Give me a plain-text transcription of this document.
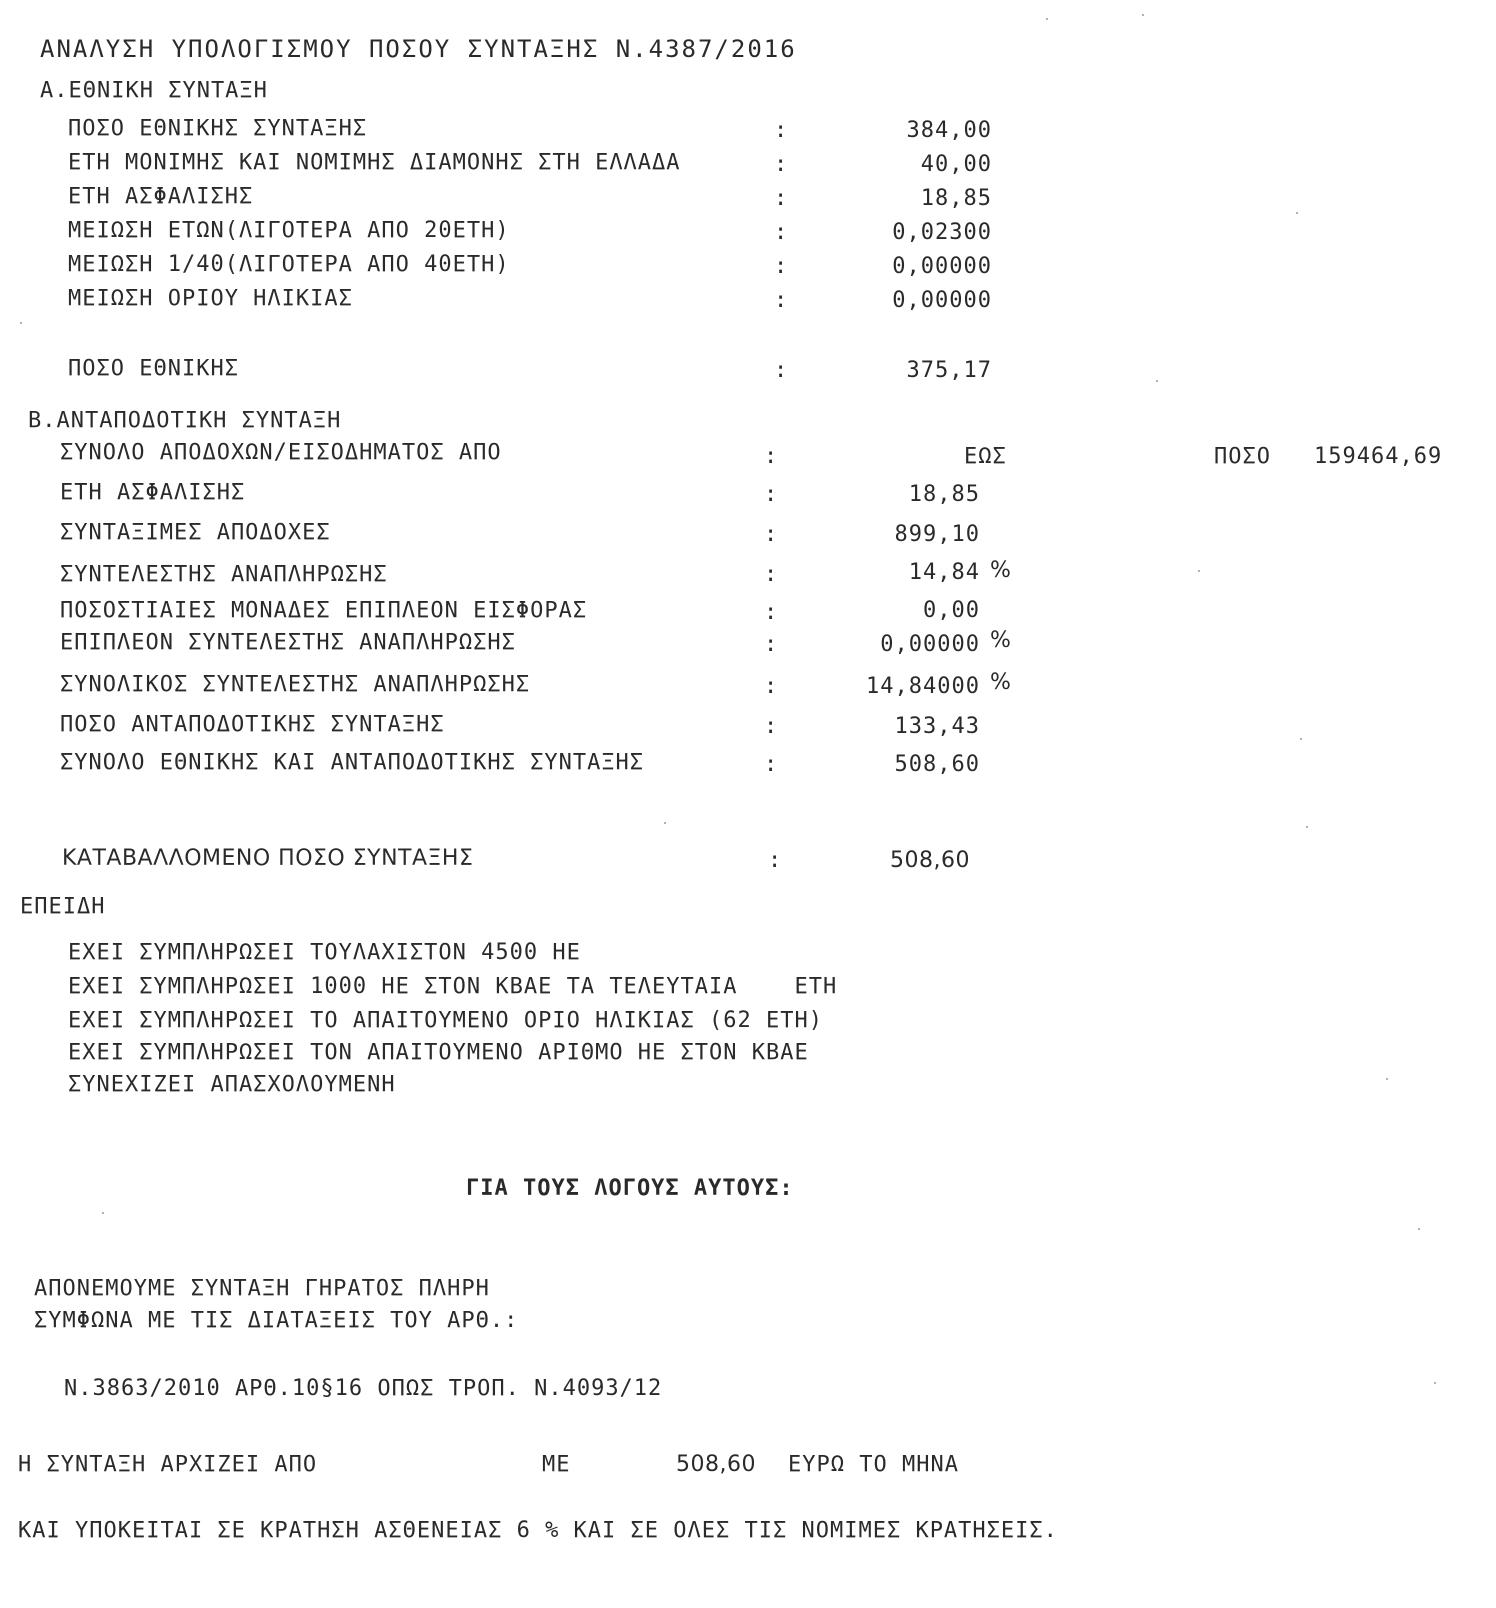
ΑΝΑΛΥΣΗ ΥΠΟΛΟΓΙΣΜΟΥ ΠΟΣΟΥ ΣΥΝΤΑΞΗΣ Ν.4387/2016
Α.ΕΘΝΙΚΗ ΣΥΝΤΑΞΗ
ΠΟΣΟ ΕΘΝΙΚΗΣ ΣΥΝΤΑΞΗΣ	:	384,00
ΕΤΗ ΜΟΝΙΜΗΣ ΚΑΙ ΝΟΜΙΜΗΣ ΔΙΑΜΟΝΗΣ ΣΤΗ ΕΛΛΑΔΑ	:	40,00
ΕΤΗ ΑΣΦΑΛΙΣΗΣ	:	18,85
ΜΕΙΩΣΗ ΕΤΩΝ(ΛΙΓΟΤΕΡΑ ΑΠΟ 20ΕΤΗ)	:	0,02300
ΜΕΙΩΣΗ 1/40(ΛΙΓΟΤΕΡΑ ΑΠΟ 40ΕΤΗ)	:	0,00000
ΜΕΙΩΣΗ ΟΡΙΟΥ ΗΛΙΚΙΑΣ	:	0,00000
ΠΟΣΟ ΕΘΝΙΚΗΣ	:	375,17
Β.ΑΝΤΑΠΟΔΟΤΙΚΗ ΣΥΝΤΑΞΗ
ΣΥΝΟΛΟ ΑΠΟΔΟΧΩΝ/ΕΙΣΟΔΗΜΑΤΟΣ ΑΠΟ	:	ΕΩΣ	ΠΟΣΟ 159464,69
ΕΤΗ ΑΣΦΑΛΙΣΗΣ	:	18,85
ΣΥΝΤΑΞΙΜΕΣ ΑΠΟΔΟΧΕΣ	:	899,10
ΣΥΝΤΕΛΕΣΤΗΣ ΑΝΑΠΛΗΡΩΣΗΣ	:	14,84 %
ΠΟΣΟΣΤΙΑΙΕΣ ΜΟΝΑΔΕΣ ΕΠΙΠΛΕΟΝ ΕΙΣΦΟΡΑΣ	:	0,00
ΕΠΙΠΛΕΟΝ ΣΥΝΤΕΛΕΣΤΗΣ ΑΝΑΠΛΗΡΩΣΗΣ	:	0,00000 %
ΣΥΝΟΛΙΚΟΣ ΣΥΝΤΕΛΕΣΤΗΣ ΑΝΑΠΛΗΡΩΣΗΣ	:	14,84000 %
ΠΟΣΟ ΑΝΤΑΠΟΔΟΤΙΚΗΣ ΣΥΝΤΑΞΗΣ	:	133,43
ΣΥΝΟΛΟ ΕΘΝΙΚΗΣ ΚΑΙ ΑΝΤΑΠΟΔΟΤΙΚΗΣ ΣΥΝΤΑΞΗΣ	:	508,60
ΚΑΤΑΒΑΛΛΟΜΕΝΟ ΠΟΣΟ ΣΥΝΤΑΞΗΣ	:	508,60
ΕΠΕΙΔΗ
ΕΧΕΙ ΣΥΜΠΛΗΡΩΣΕΙ ΤΟΥΛΑΧΙΣΤΟΝ 4500 ΗΕ
ΕΧΕΙ ΣΥΜΠΛΗΡΩΣΕΙ 1000 ΗΕ ΣΤΟΝ ΚΒΑΕ ΤΑ ΤΕΛΕΥΤΑΙΑ    ΕΤΗ
ΕΧΕΙ ΣΥΜΠΛΗΡΩΣΕΙ ΤΟ ΑΠΑΙΤΟΥΜΕΝΟ ΟΡΙΟ ΗΛΙΚΙΑΣ (62 ΕΤΗ)
ΕΧΕΙ ΣΥΜΠΛΗΡΩΣΕΙ ΤΟΝ ΑΠΑΙΤΟΥΜΕΝΟ ΑΡΙΘΜΟ ΗΕ ΣΤΟΝ ΚΒΑΕ
ΣΥΝΕΧΙΖΕΙ ΑΠΑΣΧΟΛΟΥΜΕΝΗ
ΓΙΑ ΤΟΥΣ ΛΟΓΟΥΣ ΑΥΤΟΥΣ:
ΑΠΟΝΕΜΟΥΜΕ ΣΥΝΤΑΞΗ ΓΗΡΑΤΟΣ ΠΛΗΡΗ
ΣΥΜΦΩΝΑ ΜΕ ΤΙΣ ΔΙΑΤΑΞΕΙΣ ΤΟΥ ΑΡΘ.:
Ν.3863/2010 ΑΡΘ.10§16 ΟΠΩΣ ΤΡΟΠ. Ν.4093/12
Η ΣΥΝΤΑΞΗ ΑΡΧΙΖΕΙ ΑΠΟ	ΜΕ	508,60 ΕΥΡΩ ΤΟ ΜΗΝΑ
ΚΑΙ ΥΠΟΚΕΙΤΑΙ ΣΕ ΚΡΑΤΗΣΗ ΑΣΘΕΝΕΙΑΣ 6 % ΚΑΙ ΣΕ ΟΛΕΣ ΤΙΣ ΝΟΜΙΜΕΣ ΚΡΑΤΗΣΕΙΣ.
